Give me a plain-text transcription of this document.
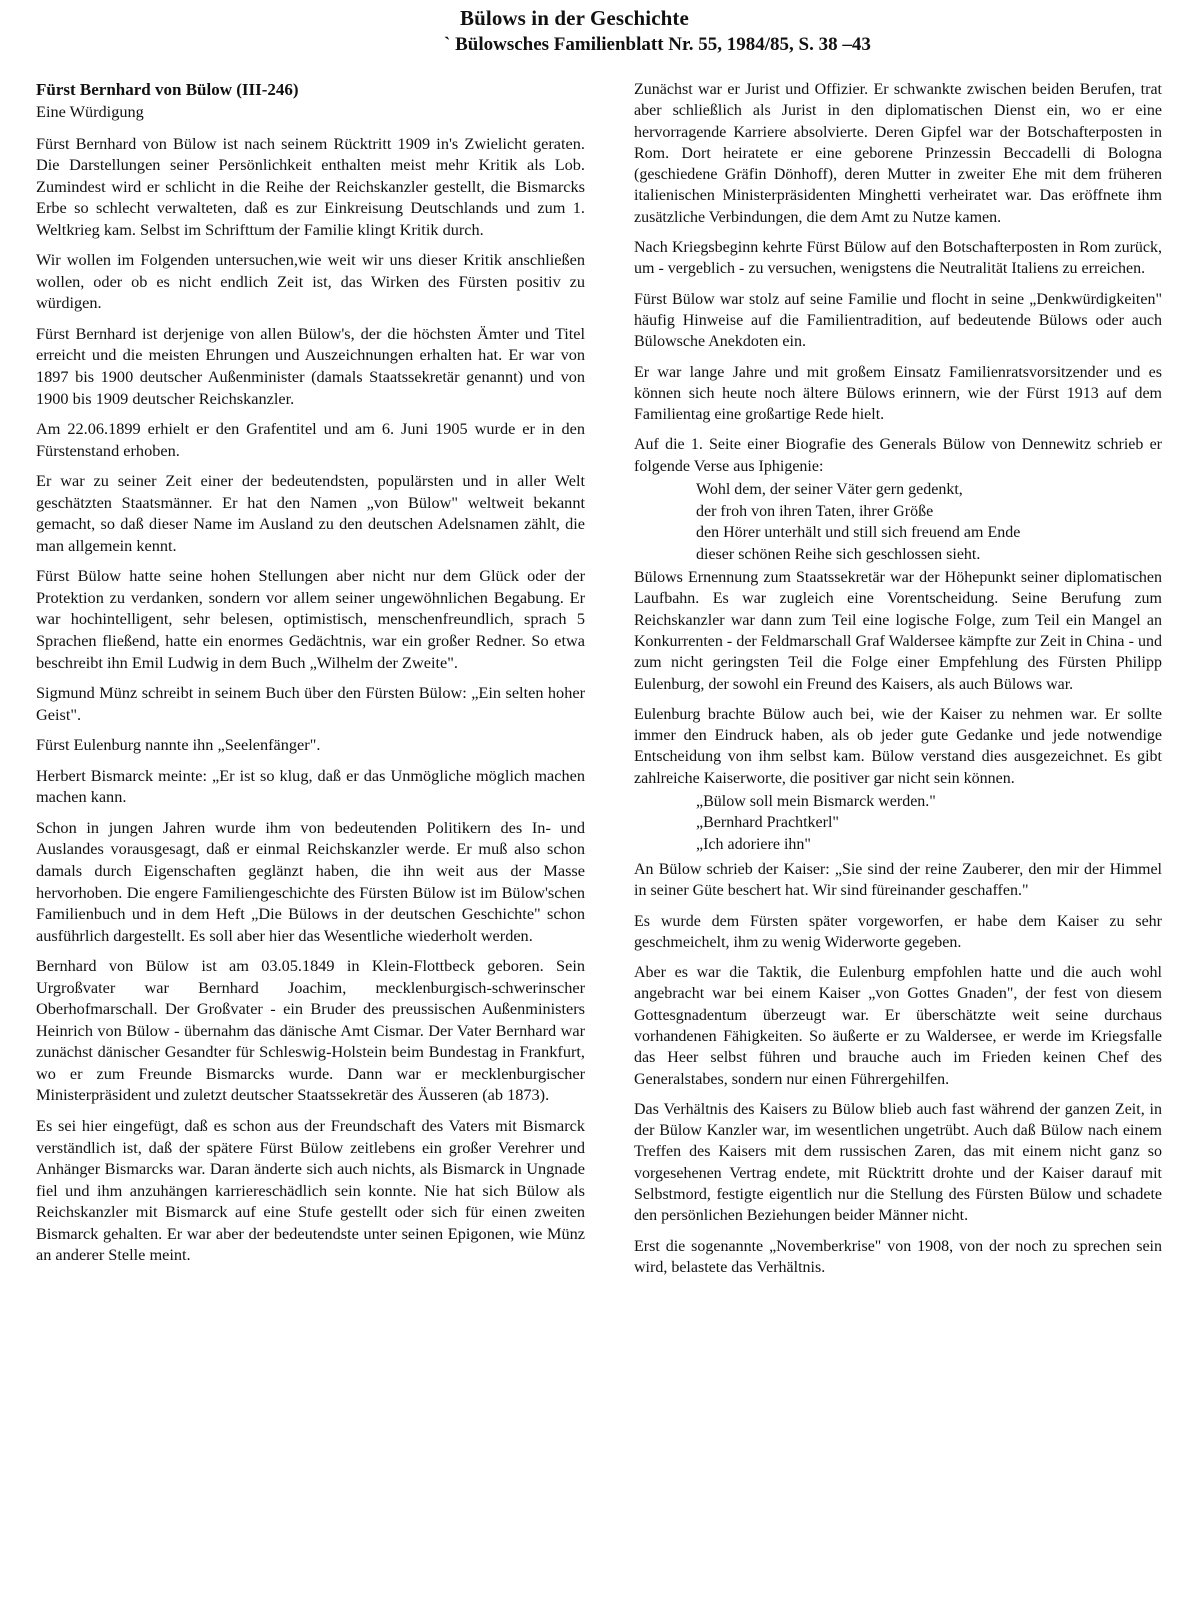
Bülows in der Geschichte
` Bülowsches Familienblatt Nr. 55, 1984/85, S. 38 –43

Fürst Bernhard von Bülow (III-246)

Eine Würdigung

Fürst Bernhard von Bülow ist nach seinem Rücktritt 1909 in's Zwielicht geraten. Die Darstellungen seiner Persönlichkeit enthalten meist mehr Kritik als Lob. Zumindest wird er schlicht in die Reihe der Reichskanzler gestellt, die Bismarcks Erbe so schlecht verwalteten, daß es zur Einkreisung Deutschlands und zum 1. Weltkrieg kam. Selbst im Schrifttum der Familie klingt Kritik durch.

Wir wollen im Folgenden untersuchen,wie weit wir uns dieser Kritik anschließen wollen, oder ob es nicht endlich Zeit ist, das Wirken des Fürsten positiv zu würdigen.

Fürst Bernhard ist derjenige von allen Bülow's, der die höchsten Ämter und Titel erreicht und die meisten Ehrungen und Auszeichnungen erhalten hat. Er war von 1897 bis 1900 deutscher Außenminister (damals Staatssekretär genannt) und von 1900 bis 1909 deutscher Reichskanzler.

Am 22.06.1899 erhielt er den Grafentitel und am 6. Juni 1905 wurde er in den Fürstenstand erhoben.

Er war zu seiner Zeit einer der bedeutendsten, populärsten und in aller Welt geschätzten Staatsmänner. Er hat den Namen „von Bülow" weltweit bekannt gemacht, so daß dieser Name im Ausland zu den deutschen Adelsnamen zählt, die man allgemein kennt.

Fürst Bülow hatte seine hohen Stellungen aber nicht nur dem Glück oder der Protektion zu verdanken, sondern vor allem seiner ungewöhnlichen Begabung. Er war hochintelligent, sehr belesen, optimistisch, menschenfreundlich, sprach 5 Sprachen fließend, hatte ein enormes Gedächtnis, war ein großer Redner. So etwa beschreibt ihn Emil Ludwig in dem Buch „Wilhelm der Zweite".

Sigmund Münz schreibt in seinem Buch über den Fürsten Bülow: „Ein selten hoher Geist".

Fürst Eulenburg nannte ihn „Seelenfänger".

Herbert Bismarck meinte: „Er ist so klug, daß er das Unmögliche möglich machen machen kann.

Schon in jungen Jahren wurde ihm von bedeutenden Politikern des In- und Auslandes vorausgesagt, daß er einmal Reichskanzler werde. Er muß also schon damals durch Eigenschaften geglänzt haben, die ihn weit aus der Masse hervorhoben. Die engere Familiengeschichte des Fürsten Bülow ist im Bülow'schen Familienbuch und in dem Heft „Die Bülows in der deutschen Geschichte" schon ausführlich dargestellt. Es soll aber hier das Wesentliche wiederholt werden.

Bernhard von Bülow ist am 03.05.1849 in Klein-Flottbeck geboren. Sein Urgroßvater war Bernhard Joachim, mecklenburgisch-schwerinscher Oberhofmarschall. Der Großvater - ein Bruder des preussischen Außenministers Heinrich von Bülow - übernahm das dänische Amt Cismar. Der Vater Bernhard war zunächst dänischer Gesandter für Schleswig-Holstein beim Bundestag in Frankfurt, wo er zum Freunde Bismarcks wurde. Dann war er mecklenburgischer Ministerpräsident und zuletzt deutscher Staatssekretär des Äusseren (ab 1873).

Es sei hier eingefügt, daß es schon aus der Freundschaft des Vaters mit Bismarck verständlich ist, daß der spätere Fürst Bülow zeitlebens ein großer Verehrer und Anhänger Bismarcks war. Daran änderte sich auch nichts, als Bismarck in Ungnade fiel und ihm anzuhängen karriereschädlich sein konnte. Nie hat sich Bülow als Reichskanzler mit Bismarck auf eine Stufe gestellt oder sich für einen zweiten Bismarck gehalten. Er war aber der bedeutendste unter seinen Epigonen, wie Münz an anderer Stelle meint.

Zunächst war er Jurist und Offizier. Er schwankte zwischen beiden Berufen, trat aber schließlich als Jurist in den diplomatischen Dienst ein, wo er eine hervorragende Karriere absolvierte. Deren Gipfel war der Botschafterposten in Rom. Dort heiratete er eine geborene Prinzessin Beccadelli di Bologna (geschiedene Gräfin Dönhoff), deren Mutter in zweiter Ehe mit dem früheren italienischen Ministerpräsidenten Minghetti verheiratet war. Das eröffnete ihm zusätzliche Verbindungen, die dem Amt zu Nutze kamen.

Nach Kriegsbeginn kehrte Fürst Bülow auf den Botschafterposten in Rom zurück, um - vergeblich - zu versuchen, wenigstens die Neutralität Italiens zu erreichen.

Fürst Bülow war stolz auf seine Familie und flocht in seine „Denkwürdigkeiten" häufig Hinweise auf die Familientradition, auf bedeutende Bülows oder auch Bülowsche Anekdoten ein.

Er war lange Jahre und mit großem Einsatz Familienratsvorsitzender und es können sich heute noch ältere Bülows erinnern, wie der Fürst 1913 auf dem Familientag eine großartige Rede hielt.

Auf die 1. Seite einer Biografie des Generals Bülow von Dennewitz schrieb er folgende Verse aus Iphigenie:

Wohl dem, der seiner Väter gern gedenkt,
der froh von ihren Taten, ihrer Größe
den Hörer unterhält und still sich freuend am Ende
dieser schönen Reihe sich geschlossen sieht.

Bülows Ernennung zum Staatssekretär war der Höhepunkt seiner diplomatischen Laufbahn. Es war zugleich eine Vorentscheidung. Seine Berufung zum Reichskanzler war dann zum Teil eine logische Folge, zum Teil ein Mangel an Konkurrenten - der Feldmarschall Graf Waldersee kämpfte zur Zeit in China - und zum nicht geringsten Teil die Folge einer Empfehlung des Fürsten Philipp Eulenburg, der sowohl ein Freund des Kaisers, als auch Bülows war.

Eulenburg brachte Bülow auch bei, wie der Kaiser zu nehmen war. Er sollte immer den Eindruck haben, als ob jeder gute Gedanke und jede notwendige Entscheidung von ihm selbst kam. Bülow verstand dies ausgezeichnet. Es gibt zahlreiche Kaiserworte, die positiver gar nicht sein können.

„Bülow soll mein Bismarck werden."
„Bernhard Prachtkerl"
„Ich adoriere ihn"

An Bülow schrieb der Kaiser: „Sie sind der reine Zauberer, den mir der Himmel in seiner Güte beschert hat. Wir sind füreinander geschaffen."

Es wurde dem Fürsten später vorgeworfen, er habe dem Kaiser zu sehr geschmeichelt, ihm zu wenig Widerworte gegeben.

Aber es war die Taktik, die Eulenburg empfohlen hatte und die auch wohl angebracht war bei einem Kaiser „von Gottes Gnaden", der fest von diesem Gottesgnadentum überzeugt war. Er überschätzte weit seine durchaus vorhandenen Fähigkeiten. So äußerte er zu Waldersee, er werde im Kriegsfalle das Heer selbst führen und brauche auch im Frieden keinen Chef des Generalstabes, sondern nur einen Führergehilfen.

Das Verhältnis des Kaisers zu Bülow blieb auch fast während der ganzen Zeit, in der Bülow Kanzler war, im wesentlichen ungetrübt. Auch daß Bülow nach einem Treffen des Kaisers mit dem russischen Zaren, das mit einem nicht ganz so vorgesehenen Vertrag endete, mit Rücktritt drohte und der Kaiser darauf mit Selbstmord, festigte eigentlich nur die Stellung des Fürsten Bülow und schadete den persönlichen Beziehungen beider Männer nicht.

Erst die sogenannte „Novemberkrise" von 1908, von der noch zu sprechen sein wird, belastete das Verhältnis.
